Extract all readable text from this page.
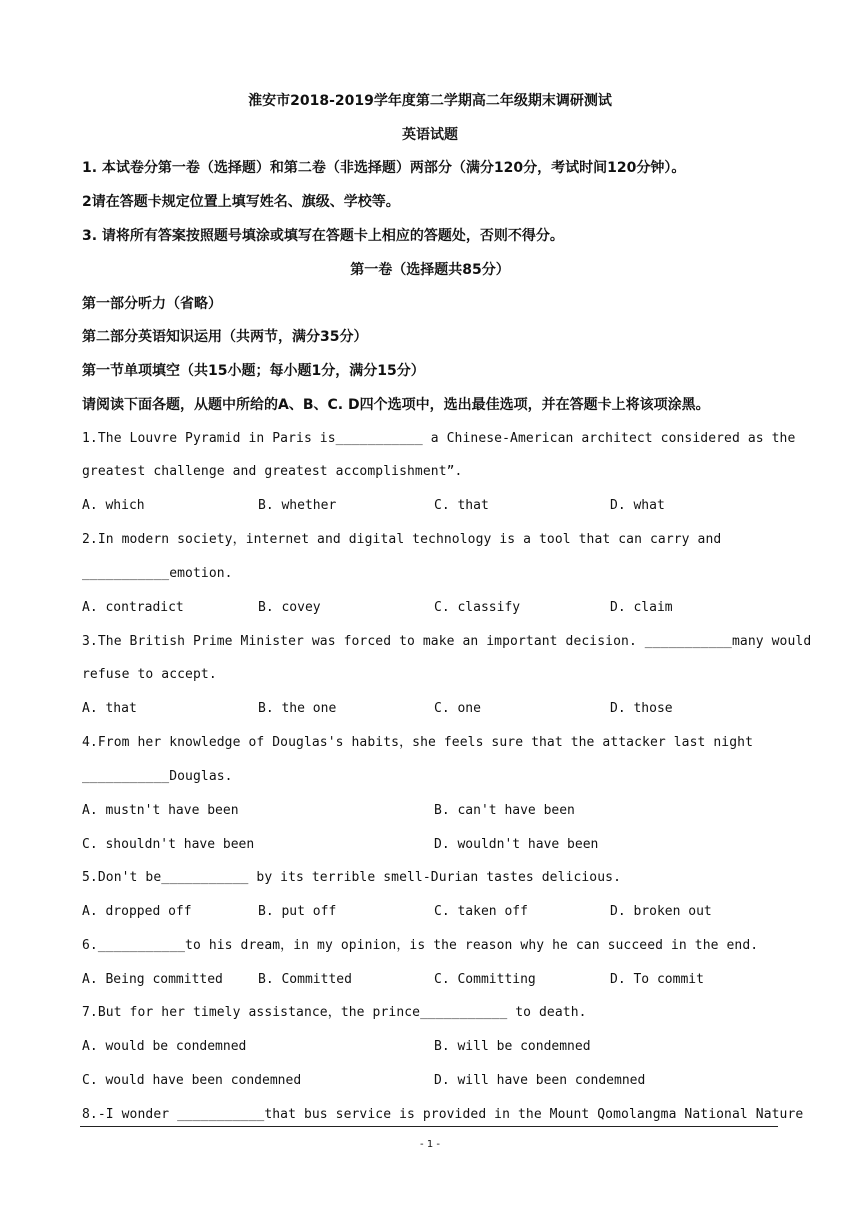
淮安市2018-2019学年度第二学期高二年级期末调研测试
英语试题
1. 本试卷分第一卷（选择题）和第二卷（非选择题）两部分（满分120分，考试时间120分钟）。
2请在答题卡规定位置上填写姓名、旗级、学校等。
3. 请将所有答案按照题号填涂或填写在答题卡上相应的答题处，否则不得分。
第一卷（选择题共85分）
第一部分听力（省略）
第二部分英语知识运用（共两节，满分35分）
第一节单项填空（共15小题；每小题1分，满分15分）
请阅读下面各题，从题中所给的A、B、C. D四个选项中，选出最佳选项，并在答题卡上将该项涂黑。
1.The Louvre Pyramid in Paris is___________ a Chinese-American architect considered as the
greatest challenge and greatest accomplishment”.
A. which	B. whether	C. that	D. what
2.In modern society，internet and digital technology is a tool that can carry and
___________emotion.
A. contradict	B. covey	C. classify	D. claim
3.The British Prime Minister was forced to make an important decision. ___________many would
refuse to accept.
A. that	B. the one	C. one	D. those
4.From her knowledge of Douglas's habits，she feels sure that the attacker last night
___________Douglas.
A. mustn't have been	B. can't have been
C. shouldn't have been	D. wouldn't have been
5.Don't be___________ by its terrible smell-Durian tastes delicious.
A. dropped off	B. put off	C. taken off	D. broken out
6.___________to his dream，in my opinion，is the reason why he can succeed in the end.
A. Being committed	B. Committed	C. Committing	D. To commit
7.But for her timely assistance，the prince___________ to death.
A. would be condemned	B. will be condemned
C. would have been condemned	D. will have been condemned
8.-I wonder ___________that bus service is provided in the Mount Qomolangma National Nature
- 1 -
